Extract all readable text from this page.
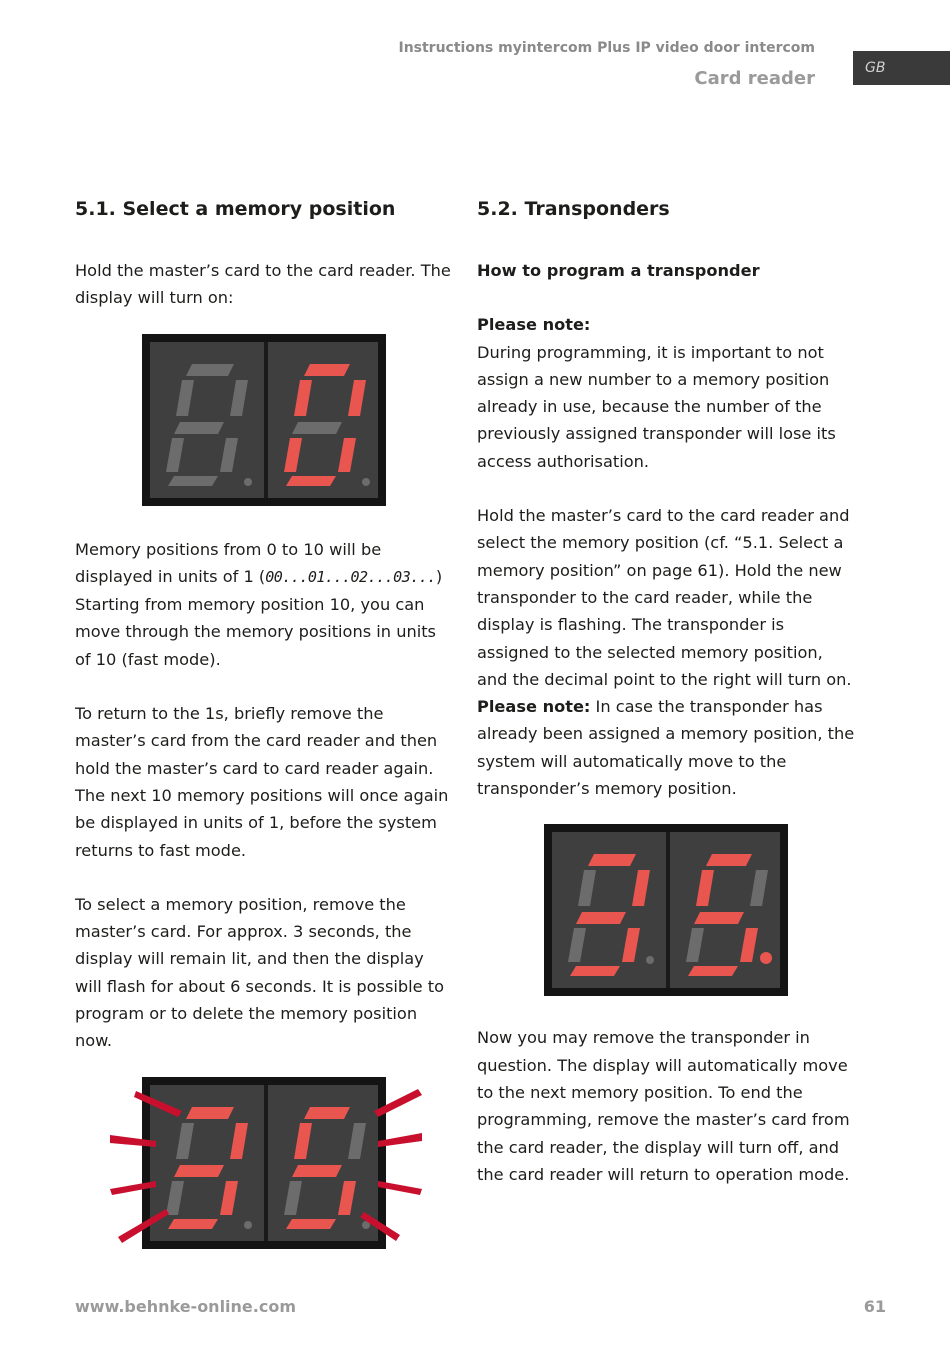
Instructions myintercom Plus IP video door intercom
Card reader	GB
5.1. Select a memory position

Hold the master’s card to the card reader. The display will turn on:

Memory positions from 0 to 10 will be displayed in units of 1 (00...01...02...03...)

Starting from memory position 10, you can move through the memory positions in units of 10 (fast mode).

To return to the 1s, briefly remove the master’s card from the card reader and then hold the master’s card to card reader again. The next 10 memory positions will once again be displayed in units of 1, before the system returns to fast mode.

To select a memory position, remove the master’s card. For approx. 3 seconds, the display will remain lit, and then the display will flash for about 6 seconds. It is possible to program or to delete the memory position now.

5.2. Transponders

How to program a transponder

Please note:

During programming, it is important to not assign a new number to a memory position already in use, because the number of the previously assigned transponder will lose its access authorisation.

Hold the master’s card to the card reader and select the memory position (cf. “5.1. Select a memory position” on page 61). Hold the new transponder to the card reader, while the display is flashing. The transponder is assigned to the selected memory position, and the decimal point to the right will turn on.

Please note: In case the transponder has already been assigned a memory position, the system will automatically move to the transponder’s memory position.

Now you may remove the transponder in question. The display will automatically move to the next memory position. To end the programming, remove the master’s card from the card reader, the display will turn off, and the card reader will return to operation mode.

www.behnke-online.com	61
